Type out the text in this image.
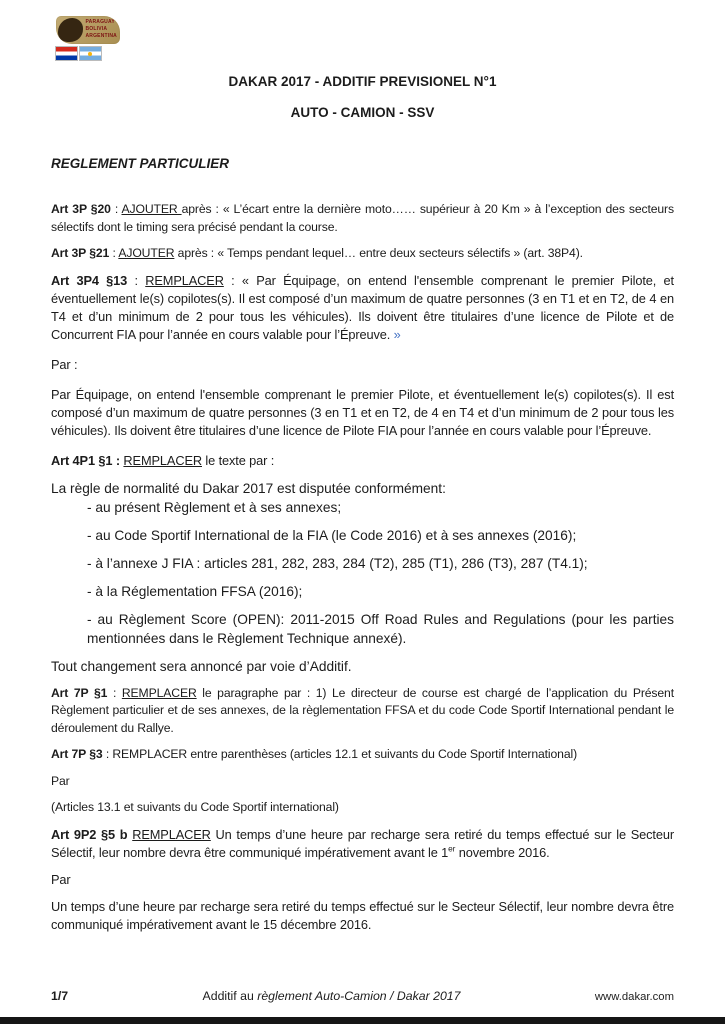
PARAGUAY
BOLIVIA
ARGENTINA
DAKAR 2017 - ADDITIF PREVISIONEL N°1
AUTO - CAMION - SSV
REGLEMENT PARTICULIER

Art 3P §20 : AJOUTER après : « L’écart entre la dernière moto…… supérieur à 20 Km » à l’exception des secteurs sélectifs dont le timing sera précisé pendant la course.

Art 3P §21 : AJOUTER après : « Temps pendant lequel… entre deux secteurs sélectifs » (art. 38P4).

Art 3P4 §13 : REMPLACER : « Par Équipage, on entend l'ensemble comprenant le premier Pilote, et éventuellement le(s) copilotes(s). Il est composé d’un maximum de quatre personnes (3 en T1 et en T2, de 4 en T4 et d’un minimum de 2 pour tous les véhicules). Ils doivent être titulaires d’une licence de Pilote et de Concurrent FIA pour l’année en cours valable pour l’Épreuve. »

Par :

Par Équipage, on entend l'ensemble comprenant le premier Pilote, et éventuellement le(s) copilotes(s). Il est composé d’un maximum de quatre personnes (3 en T1 et en T2, de 4 en T4 et d’un minimum de 2 pour tous les véhicules). Ils doivent être titulaires d’une licence de Pilote FIA pour l’année en cours valable pour l’Épreuve.

Art 4P1 §1 : REMPLACER le texte par :

La règle de normalité du Dakar 2017 est disputée conformément:

- au présent Règlement et à ses annexes;

- au Code Sportif International de la FIA (le Code 2016) et à ses annexes (2016);

- à l’annexe J FIA : articles 281, 282, 283, 284 (T2), 285 (T1), 286 (T3), 287 (T4.1);

- à la Réglementation FFSA (2016);

- au Règlement Score (OPEN): 2011-2015 Off Road Rules and Regulations (pour les parties mentionnées dans le Règlement Technique annexé).

Tout changement sera annoncé par voie d’Additif.

Art 7P §1 : REMPLACER le paragraphe par : 1) Le directeur de course est chargé de l’application du Présent Règlement particulier et de ses annexes, de la règlementation FFSA et du code Code Sportif International pendant le déroulement du Rallye.

Art 7P §3 : REMPLACER entre parenthèses (articles 12.1 et suivants du Code Sportif International)

Par

(Articles 13.1 et suivants du Code Sportif international)

Art 9P2 §5 b REMPLACER Un temps d’une heure par recharge sera retiré du temps effectué sur le Secteur Sélectif, leur nombre devra être communiqué impérativement avant le 1er novembre 2016.

Par

Un temps d’une heure par recharge sera retiré du temps effectué sur le Secteur Sélectif, leur nombre devra être communiqué impérativement avant le 15 décembre 2016.

1/7	Additif au règlement Auto-Camion / Dakar 2017	www.dakar.com
